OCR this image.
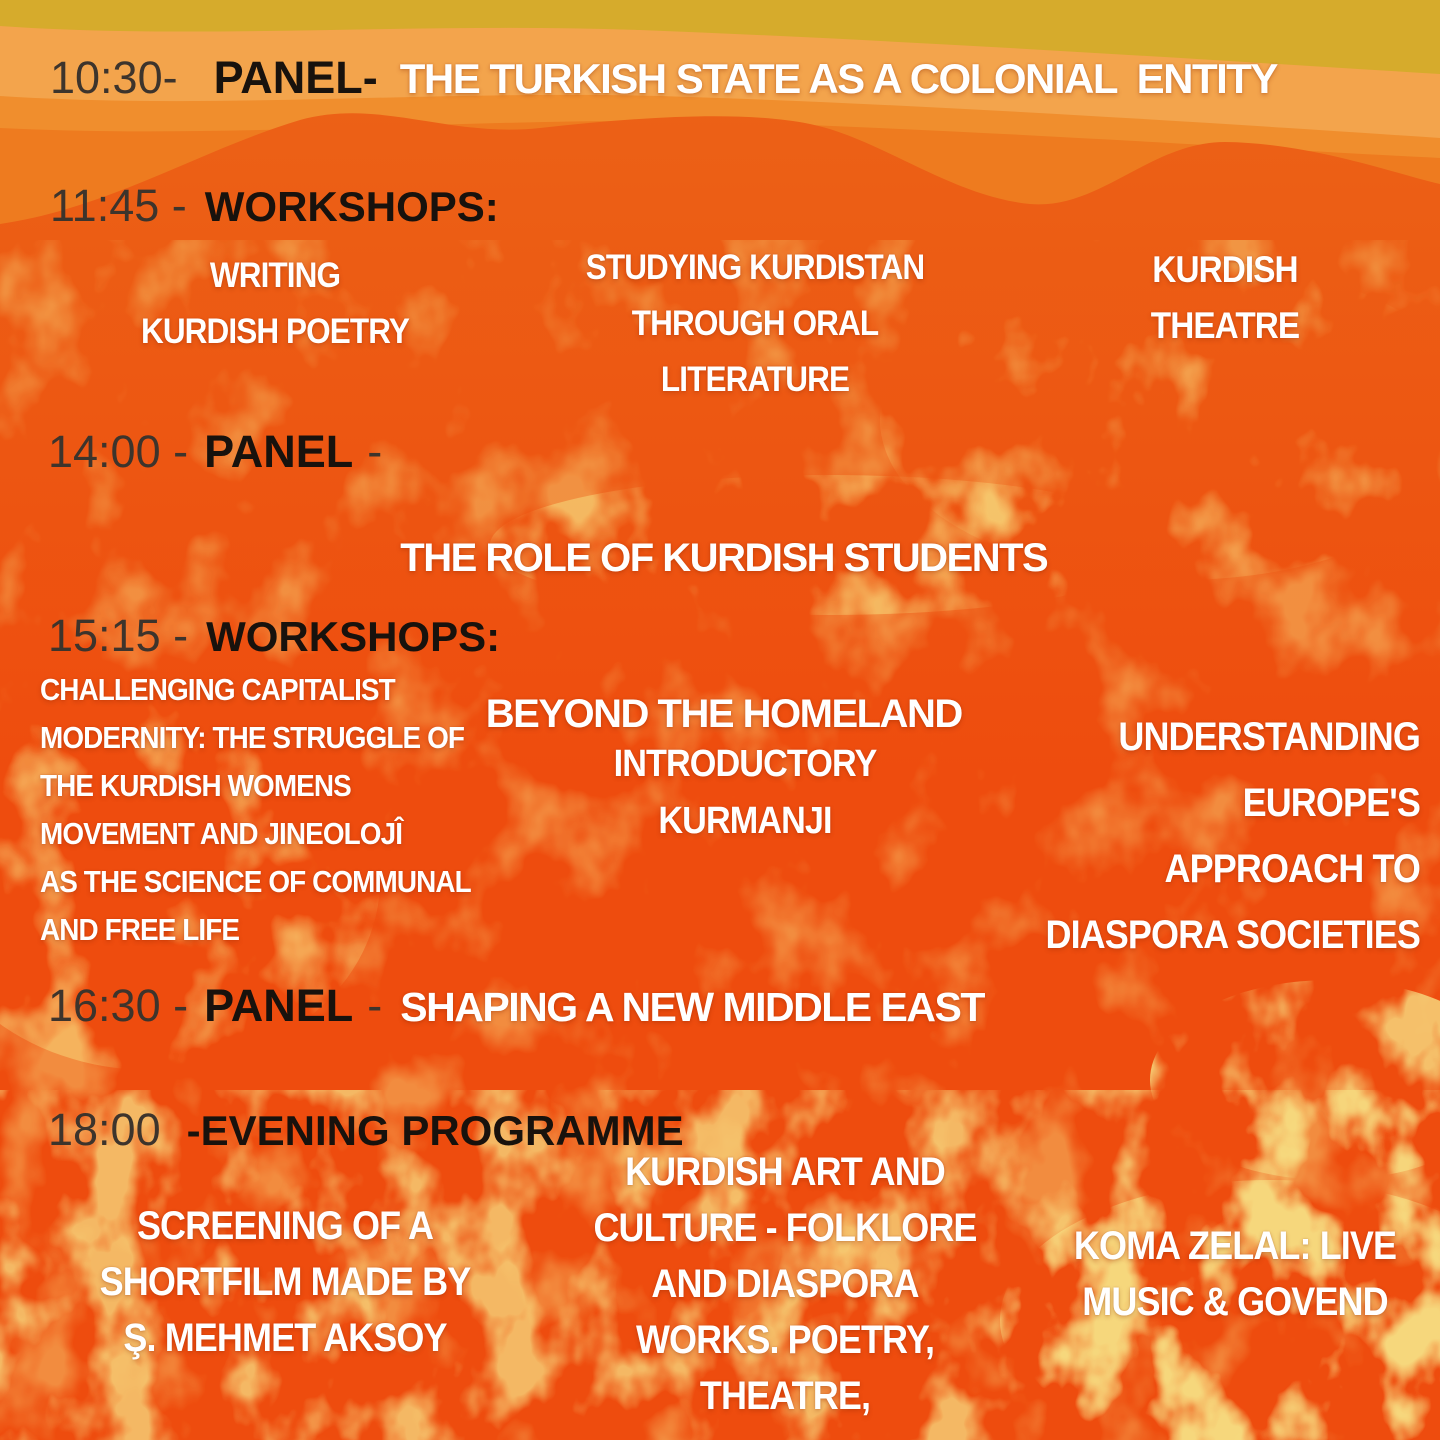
10:30- PANEL- THE TURKISH STATE AS A COLONIAL  ENTITY
11:45 - WORKSHOPS:
WRITING
KURDISH POETRY
STUDYING KURDISTAN
THROUGH ORAL
LITERATURE
KURDISH
THEATRE
14:00 - PANEL -

THE ROLE OF KURDISH STUDENTS

BEYOND THE HOMELAND

15:15 - WORKSHOPS:
CHALLENGING CAPITALIST
MODERNITY: THE STRUGGLE OF
THE KURDISH WOMENS
MOVEMENT AND JINEOLOJÎ
AS THE SCIENCE OF COMMUNAL
AND FREE LIFE
INTRODUCTORY
KURMANJI
UNDERSTANDING
EUROPE'S
APPROACH TO
DIASPORA SOCIETIES
16:30 - PANEL - SHAPING A NEW MIDDLE EAST
18:00 -EVENING PROGRAMME
SCREENING OF A
SHORTFILM MADE BY
Ş. MEHMET AKSOY
KURDISH ART AND
CULTURE - FOLKLORE
AND DIASPORA
WORKS. POETRY,
THEATRE,
KOMA ZELAL: LIVE
MUSIC & GOVEND
